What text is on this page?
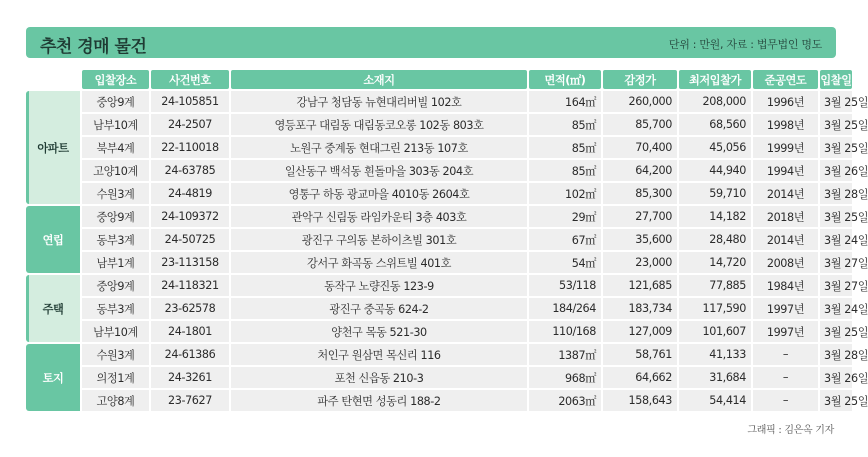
추천 경매 물건	단위 : 만원, 자료 : 법무법인 명도
입찰장소	사건번호	소재지	면적(㎡)	감정가	최저입찰가	준공연도	입찰일
아파트
중앙9계	24-105851	강남구 청담동 뉴현대리버빌 102호	164㎡	260,000	208,000	1996년	3월 25일
남부10계	24-2507	영등포구 대림동 대림동코오롱 102동 803호	85㎡	85,700	68,560	1998년	3월 25일
북부4계	22-110018	노원구 중계동 현대그린 213동 107호	85㎡	70,400	45,056	1999년	3월 25일
고양10계	24-63785	일산동구 백석동 흰돌마을 303동 204호	85㎡	64,200	44,940	1994년	3월 26일
수원3계	24-4819	영통구 하동 광교마을 4010동 2604호	102㎡	85,300	59,710	2014년	3월 28일
연립
중앙9계	24-109372	관악구 신림동 라임카운티 3층 403호	29㎡	27,700	14,182	2018년	3월 25일
동부3계	24-50725	광진구 구의동 본하이츠빌 301호	67㎡	35,600	28,480	2014년	3월 24일
남부1계	23-113158	강서구 화곡동 스위트빌 401호	54㎡	23,000	14,720	2008년	3월 27일
주택
중앙9계	24-118321	동작구 노량진동 123-9	53/118	121,685	77,885	1984년	3월 27일
동부3계	23-62578	광진구 중곡동 624-2	184/264	183,734	117,590	1997년	3월 24일
남부10계	24-1801	양천구 목동 521-30	110/168	127,009	101,607	1997년	3월 25일
토지
수원3계	24-61386	처인구 원삼면 목신리 116	1387㎡	58,761	41,133	–	3월 28일
의정1계	24-3261	포천 신읍동 210-3	968㎡	64,662	31,684	–	3월 26일
고양8계	23-7627	파주 탄현면 성동리 188-2	2063㎡	158,643	54,414	–	3월 25일
그래픽 : 김은옥 기자
